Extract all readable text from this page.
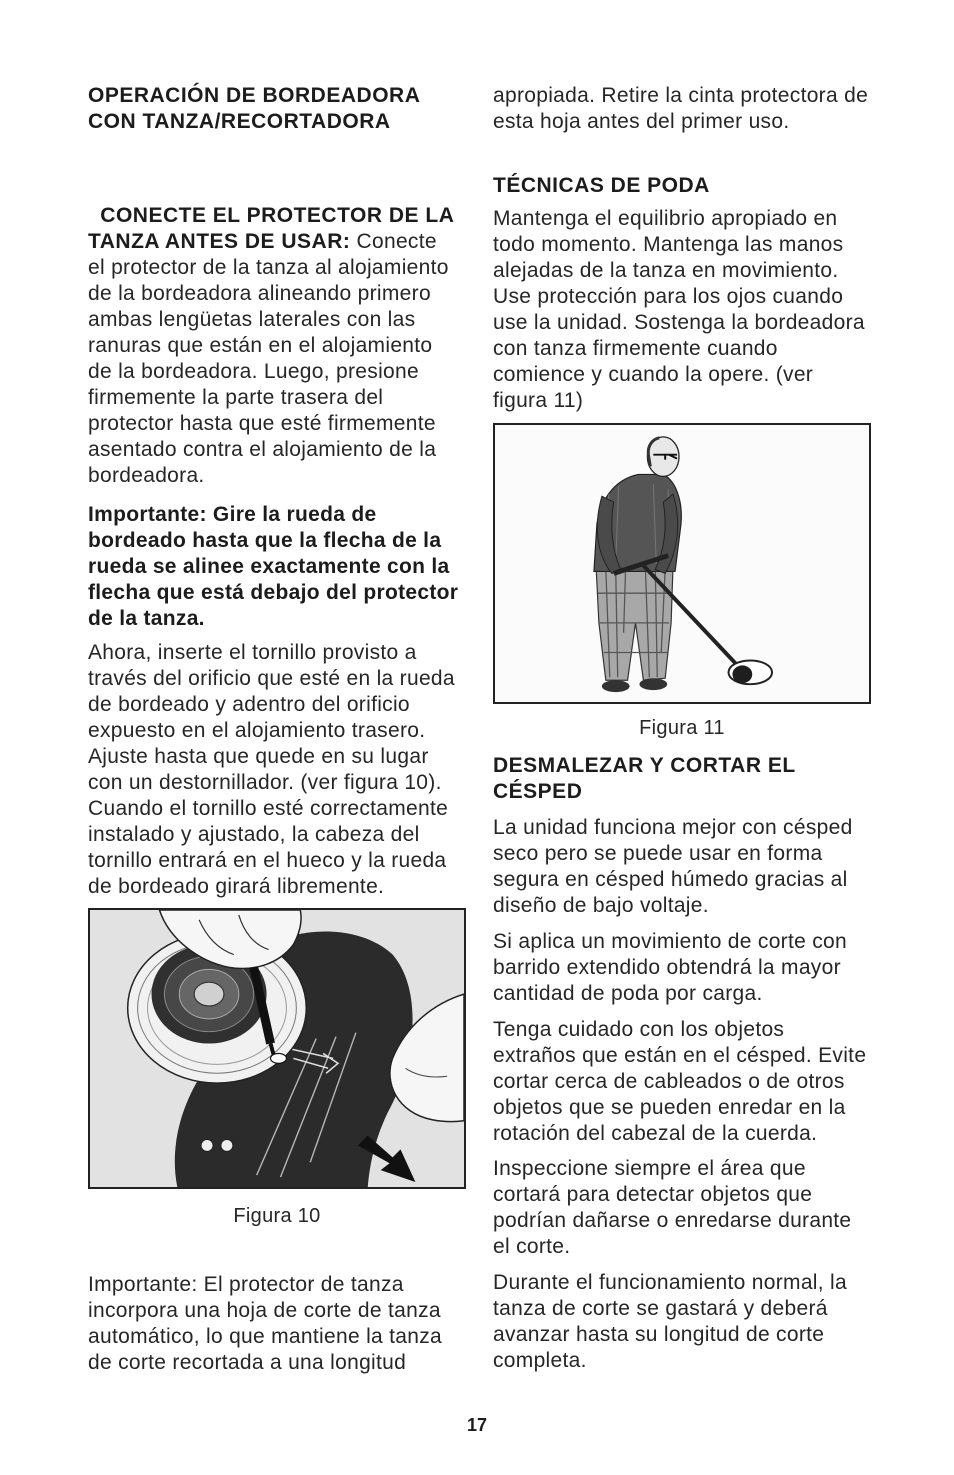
OPERACIÓN DE BORDEADORA
CON TANZA/RECORTADORA

CONECTE EL PROTECTOR DE LA
TANZA ANTES DE USAR: Conecte
el protector de la tanza al alojamiento
de la bordeadora alineando primero
ambas lengüetas laterales con las
ranuras que están en el alojamiento
de la bordeadora. Luego, presione
firmemente la parte trasera del
protector hasta que esté firmemente
asentado contra el alojamiento de la
bordeadora.

Importante: Gire la rueda de
bordeado hasta que la flecha de la
rueda se alinee exactamente con la
flecha que está debajo del protector
de la tanza.
Ahora, inserte el tornillo provisto a
través del orificio que esté en la rueda
de bordeado y adentro del orificio
expuesto en el alojamiento trasero.
Ajuste hasta que quede en su lugar
con un destornillador. (ver figura 10).
Cuando el tornillo esté correctamente
instalado y ajustado, la cabeza del
tornillo entrará en el hueco y la rueda
de bordeado girará libremente.
Figura 10
Importante: El protector de tanza
incorpora una hoja de corte de tanza
automático, lo que mantiene la tanza
de corte recortada a una longitud
apropiada. Retire la cinta protectora de
esta hoja antes del primer uso.
TÉCNICAS DE PODA
Mantenga el equilibrio apropiado en
todo momento. Mantenga las manos
alejadas de la tanza en movimiento.
Use protección para los ojos cuando
use la unidad. Sostenga la bordeadora
con tanza firmemente cuando
comience y cuando la opere. (ver
figura 11)
Figura 11
DESMALEZAR Y CORTAR EL
CÉSPED
La unidad funciona mejor con césped
seco pero se puede usar en forma
segura en césped húmedo gracias al
diseño de bajo voltaje.
Si aplica un movimiento de corte con
barrido extendido obtendrá la mayor
cantidad de poda por carga.
Tenga cuidado con los objetos
extraños que están en el césped. Evite
cortar cerca de cableados o de otros
objetos que se pueden enredar en la
rotación del cabezal de la cuerda.
Inspeccione siempre el área que
cortará para detectar objetos que
podrían dañarse o enredarse durante
el corte.
Durante el funcionamiento normal, la
tanza de corte se gastará y deberá
avanzar hasta su longitud de corte
completa.
17
